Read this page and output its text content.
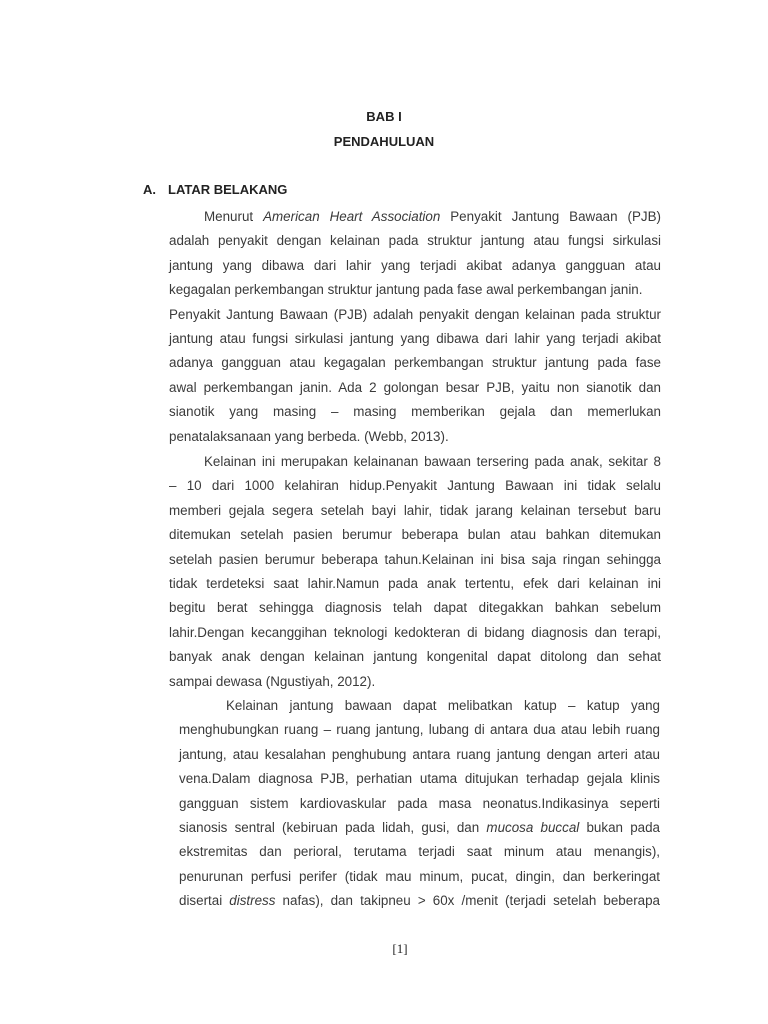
BAB I
PENDAHULUAN
A. LATAR BELAKANG
Menurut American Heart Association Penyakit Jantung Bawaan (PJB)
adalah penyakit dengan kelainan pada struktur jantung atau fungsi sirkulasi
jantung yang dibawa dari lahir yang terjadi akibat adanya gangguan atau
kegagalan perkembangan struktur jantung pada fase awal perkembangan janin.
Penyakit Jantung Bawaan (PJB) adalah penyakit dengan kelainan pada struktur
jantung atau fungsi sirkulasi jantung yang dibawa dari lahir yang terjadi akibat
adanya gangguan atau kegagalan perkembangan struktur jantung pada fase
awal perkembangan janin. Ada 2 golongan besar PJB, yaitu non sianotik dan
sianotik yang masing – masing memberikan gejala dan memerlukan
penatalaksanaan yang berbeda. (Webb, 2013).
Kelainan ini merupakan kelainanan bawaan tersering pada anak, sekitar 8
– 10 dari 1000 kelahiran hidup.Penyakit Jantung Bawaan ini tidak selalu
memberi gejala segera setelah bayi lahir, tidak jarang kelainan tersebut baru
ditemukan setelah pasien berumur beberapa bulan atau bahkan ditemukan
setelah pasien berumur beberapa tahun.Kelainan ini bisa saja ringan sehingga
tidak terdeteksi saat lahir.Namun pada anak tertentu, efek dari kelainan ini
begitu berat sehingga diagnosis telah dapat ditegakkan bahkan sebelum
lahir.Dengan kecanggihan teknologi kedokteran di bidang diagnosis dan terapi,
banyak anak dengan kelainan jantung kongenital dapat ditolong dan sehat
sampai dewasa (Ngustiyah, 2012).
Kelainan jantung bawaan dapat melibatkan katup – katup yang
menghubungkan ruang – ruang jantung, lubang di antara dua atau lebih ruang
jantung, atau kesalahan penghubung antara ruang jantung dengan arteri atau
vena.Dalam diagnosa PJB, perhatian utama ditujukan terhadap gejala klinis
gangguan sistem kardiovaskular pada masa neonatus.Indikasinya seperti
sianosis sentral (kebiruan pada lidah, gusi, dan mucosa buccal bukan pada
ekstremitas dan perioral, terutama terjadi saat minum atau menangis),
penurunan perfusi perifer (tidak mau minum, pucat, dingin, dan berkeringat
disertai distress nafas), dan takipneu > 60x /menit (terjadi setelah beberapa
[1]
